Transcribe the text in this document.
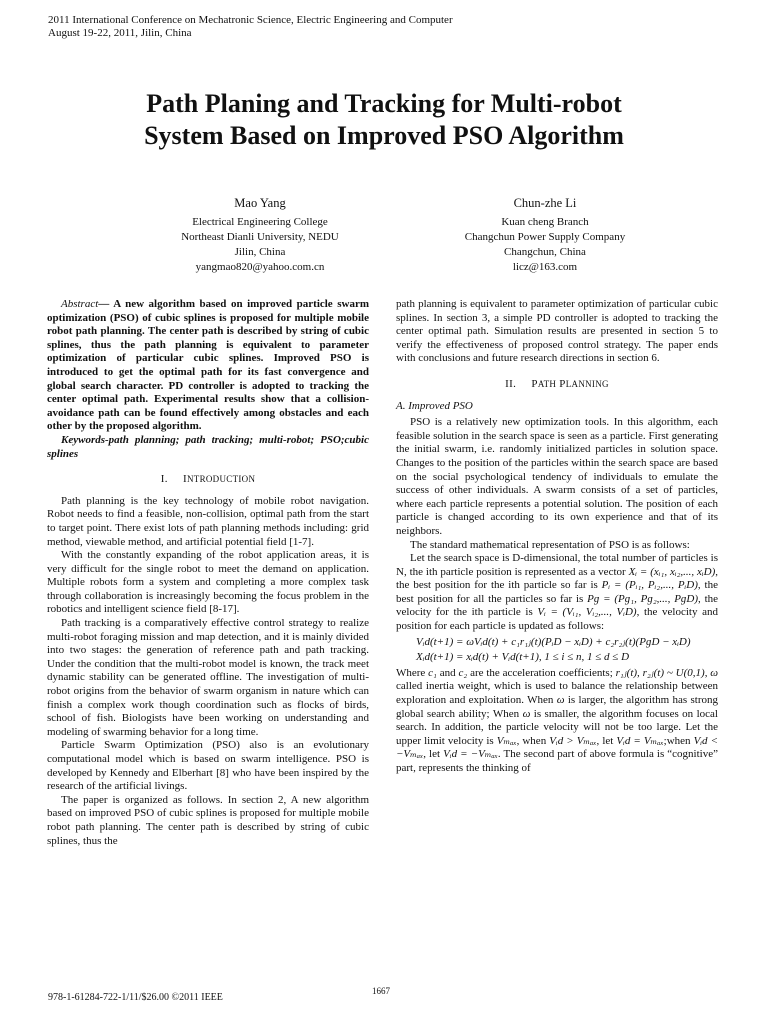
2011 International Conference on Mechatronic Science, Electric Engineering and Computer
August 19-22, 2011, Jilin, China
Path Planing and Tracking for Multi-robot
System Based on Improved PSO Algorithm
Mao Yang
Electrical Engineering College
Northeast Dianli University, NEDU
Jilin, China
yangmao820@yahoo.com.cn
Chun-zhe Li
Kuan cheng Branch
Changchun Power Supply Company
Changchun, China
licz@163.com

Abstract— A new algorithm based on improved particle swarm optimization (PSO) of cubic splines is proposed for multiple mobile robot path planning. The center path is described by string of cubic splines, thus the path planning is equivalent to parameter optimization of particular cubic splines. Improved PSO is introduced to get the optimal path for its fast convergence and global search character. PD controller is adopted to tracking the center optimal path. Experimental results show that a collision-avoidance path can be found effectively among obstacles and each other by the proposed algorithm.

Keywords-path planning; path tracking; multi-robot; PSO;cubic splines

I. INTRODUCTION

Path planning is the key technology of mobile robot navigation. Robot needs to find a feasible, non-collision, optimal path from the start to target point. There exist lots of path planning methods including: grid method, viewable method, and artificial potential field [1-7].

With the constantly expanding of the robot application areas, it is very difficult for the single robot to meet the demand on application. Multiple robots form a system and completing a more complex task through collaboration is increasingly becoming the focus problem in the robotics and intelligent science field [8-17].

Path tracking is a comparatively effective control strategy to realize multi-robot foraging mission and map detection, and it is mainly divided into two stages: the generation of reference path and path tracking. Under the condition that the multi-robot model is known, the track meet dynamic stability can be generated offline. The investigation of multi-robot origins from the behavior of swarm organism in nature which can finish a complex work though coordination such as flocks of birds, school of fish. Biologists have been working on understanding and modeling of swarming behavior for a long time.

Particle Swarm Optimization (PSO) also is an evolutionary computational model which is based on swarm intelligence. PSO is developed by Kennedy and Elberhart [8] who have been inspired by the research of the artificial livings.

The paper is organized as follows. In section 2, A new algorithm based on improved PSO of cubic splines is proposed for multiple mobile robot path planning. The center path is described by string of cubic splines, thus the

path planning is equivalent to parameter optimization of particular cubic splines. In section 3, a simple PD controller is adopted to tracking the center optimal path. Simulation results are presented in section 5 to verify the effectiveness of proposed control strategy. The paper ends with conclusions and future research directions in section 6.

II. PATH PLANNING
A. Improved PSO

PSO is a relatively new optimization tools. In this algorithm, each feasible solution in the search space is seen as a particle. First generating the initial swarm, i.e. randomly initialized particles in solution space. Changes to the position of the particles within the search space are based on the social psychological tendency of individuals to emulate the success of other individuals. A swarm consists of a set of particles, where each particle represents a potential solution. The position of each particle is changed according to its own experience and that of its neighbors.

The standard mathematical representation of PSO is as follows:

Let the search space is D-dimensional, the total number of particles is N, the ith particle position is represented as a vector Xᵢ = (xᵢ₁, xᵢ₂,..., xᵢD), the best position for the ith particle so far is Pᵢ = (Pᵢ₁, Pᵢ₂,..., PᵢD), the best position for all the particles so far is Pɡ = (Pɡ₁, Pɡ₂,..., PɡD), the velocity for the ith particle is Vᵢ = (Vᵢ₁, Vᵢ₂,..., VᵢD), the velocity and position for each particle is updated as follows:

Vᵢd(t+1) = ωVᵢd(t) + c₁r₁ⱼ(t)(PᵢD − xᵢD) + c₂r₂ⱼ(t)(PɡD − xᵢD)
Xᵢd(t+1) = xᵢd(t) + Vᵢd(t+1), 1 ≤ i ≤ n, 1 ≤ d ≤ D

Where c₁ and c₂ are the acceleration coefficients; r₁ⱼ(t), r₂ⱼ(t) ~ U(0,1), ω called inertia weight, which is used to balance the relationship between exploration and exploitation. When ω is larger, the algorithm has strong global search ability; When ω is smaller, the algorithm focuses on local search. In addition, the particle velocity will not be too large. Let the upper limit velocity is Vₘₐₓ, when Vᵢd > Vₘₐₓ, let Vᵢd = Vₘₐₓ;when Vᵢd < −Vₘₐₓ, let Vᵢd = −Vₘₐₓ. The second part of above formula is “cognitive” part, represents the thinking of

978-1-61284-722-1/11/$26.00 ©2011 IEEE
1667
